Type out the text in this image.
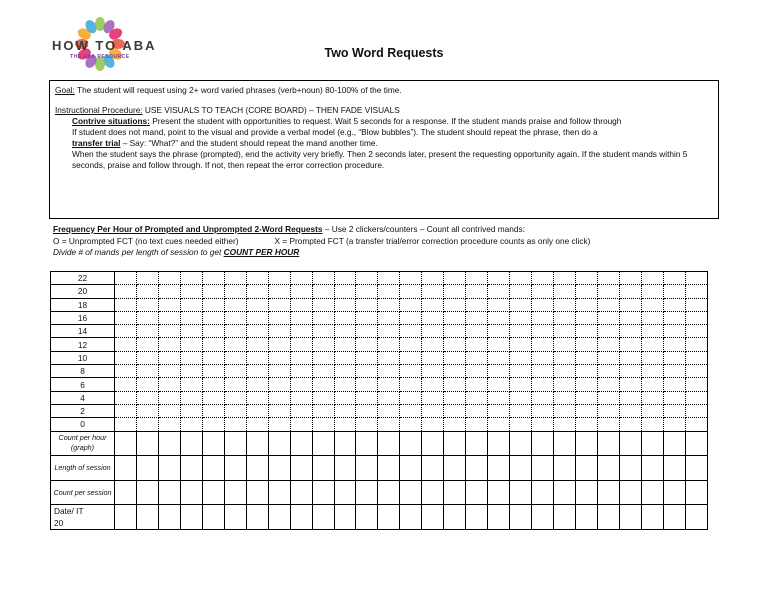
HOW TO ABA
THE ABA RESOURCE	Two Word Requests

Goal: The student will request using 2+ word varied phrases (verb+noun) 80-100% of the time.

Instructional Procedure: USE VISUALS TO TEACH (CORE BOARD) – THEN FADE VISUALS

Contrive situations: Present the student with opportunities to request. Wait 5 seconds for a response. If the student mands praise and follow through

If student does not mand, point to the visual and provide a verbal model (e.g., “Blow bubbles”). The student should repeat the phrase, then do a

transfer trial – Say: “What?” and the student should repeat the mand another time.

When the student says the phrase (prompted), end the activity very briefly. Then 2 seconds later, present the requesting opportunity again. If the student mands within 5 seconds, praise and follow through. If not, then repeat the error correction procedure.

Frequency Per Hour of Prompted and Unprompted 2-Word Requests – Use 2 clickers/counters – Count all contrived mands:

O = Unprompted FCT (no text cues needed either)	X = Prompted FCT (a transfer trial/error correction procedure counts as only one click)

Divide # of mands per length of session to get COUNT PER HOUR

22																											
20																											
18																											
16																											
14																											
12																											
10																											
8																											
6																											
4																											
2																											
0																											
Count per hour (graph)																											
Length of session																											
Count per session																											

Date/ IT
20																											
